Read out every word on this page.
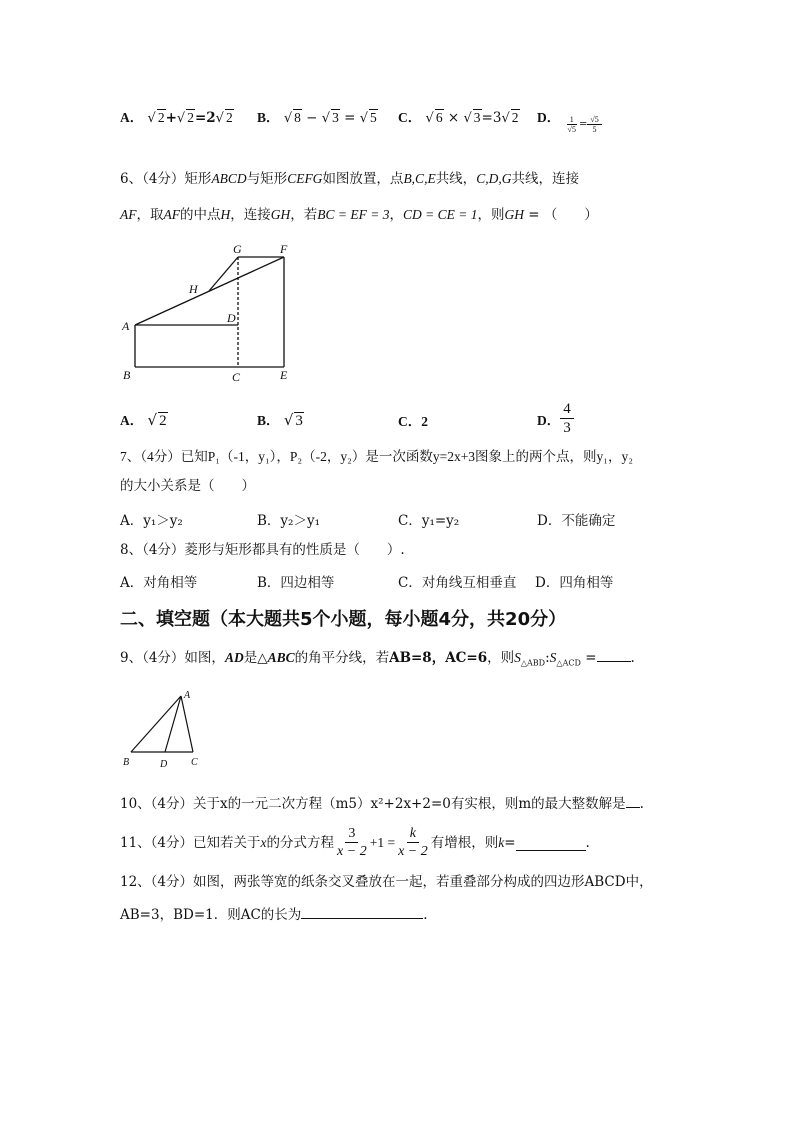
A． √ 2+√ 2=2√ 2 B． √ 8 − √ 3 = √ 5 C． √ 6 × √ 3=3√ 2 D． $\frac{1}{√5} = \frac{√5}{5}$
6、（4分）矩形ABCD与矩形CEFG如图放置，点B,C,E共线，C,D,G共线，连接
AF，取AF的中点H，连接GH，若BC = EF = 3，CD = CE = 1，则GH = （　　）
G	F
H
A
D
B	C	E
A． √ 2	B． √ 3	C．2	D． $\frac{4}{3}$
7、（4分）已知P₁（-1，y₁），P₂（-2，y₂）是一次函数y=2x+3图象上的两个点，则y₁，y₂
的大小关系是（　　）
A．y₁＞y₂	B．y₂＞y₁	C．y₁=y₂	D．不能确定
8、（4分）菱形与矩形都具有的性质是（　　）.
A．对角相等	B．四边相等	C．对角线互相垂直 D．四角相等
二、填空题（本大题共5个小题，每小题4分，共20分）
9、（4分）如图，AD是△ABC的角平分线，若AB=8，AC=6，则$S_{\triangle ABD}:S_{\triangle ACD}$ =	.
A
B	D C
10、（4分）关于x的一元二次方程（m5）x²+2x+2=0有实根，则m的最大整数解是 .
11、（4分）已知若关于 x 的分式方程 $\frac{3}{x - 2} +1 = \frac{k}{x - 2}$ 有增根，则 k =	.
12、（4分）如图，两张等宽的纸条交叉叠放在一起，若重叠部分构成的四边形ABCD中，
AB=3，BD=1．则AC的长为	.
